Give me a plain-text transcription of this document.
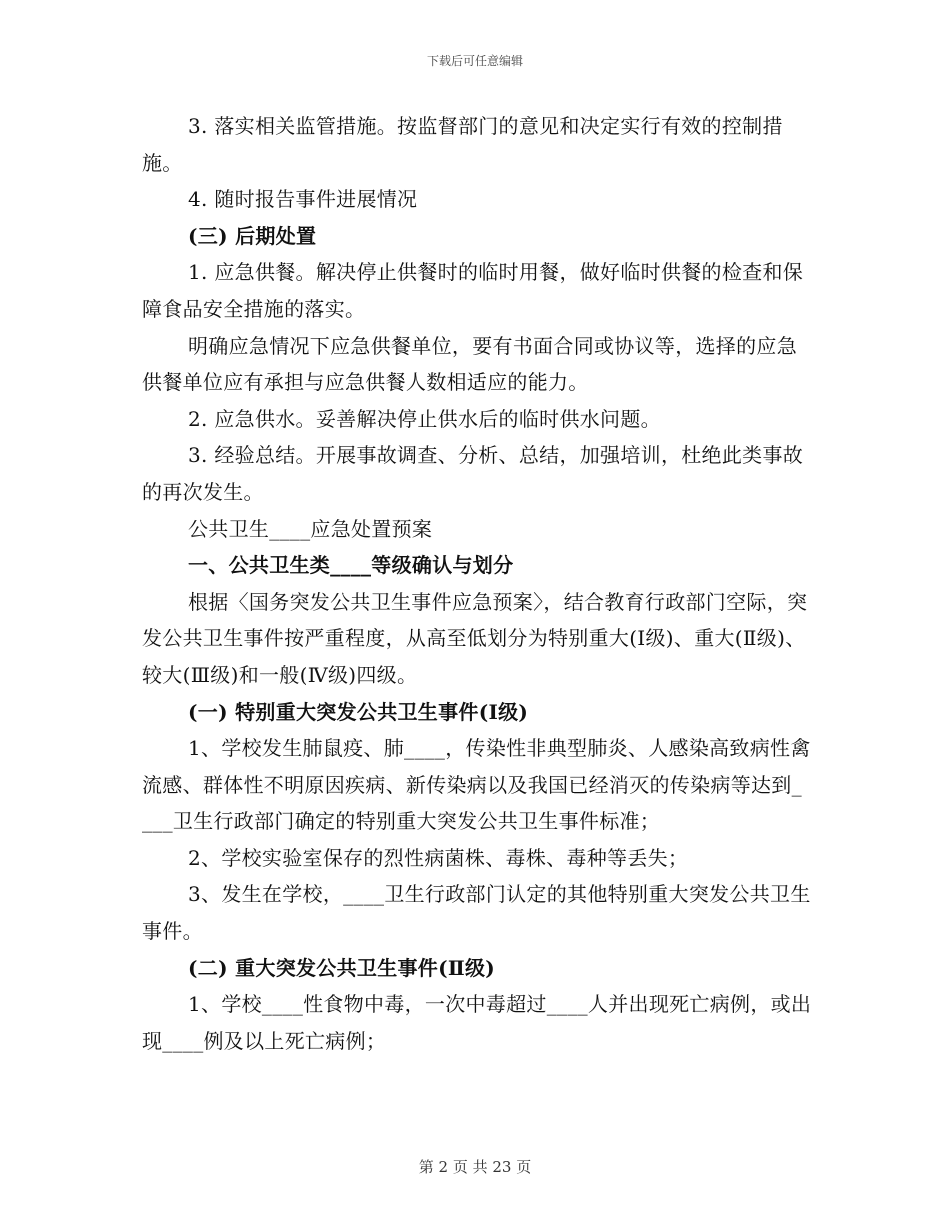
下载后可任意编辑

3. 落实相关监管措施。按监督部门的意见和决定实行有效的控制措施。

4. 随时报告事件进展情况

(三) 后期处置

1. 应急供餐。解决停止供餐时的临时用餐，做好临时供餐的检查和保障食品安全措施的落实。

明确应急情况下应急供餐单位，要有书面合同或协议等，选择的应急供餐单位应有承担与应急供餐人数相适应的能力。

2. 应急供水。妥善解决停止供水后的临时供水问题。

3. 经验总结。开展事故调查、分析、总结，加强培训，杜绝此类事故的再次发生。

公共卫生____应急处置预案

一、公共卫生类____等级确认与划分

根据〈国务突发公共卫生事件应急预案〉，结合教育行政部门空际，突发公共卫生事件按严重程度，从高至低划分为特别重大(Ⅰ级)、重大(Ⅱ级)、较大(Ⅲ级)和一般(Ⅳ级)四级。

(一) 特别重大突发公共卫生事件(Ⅰ级)

1、学校发生肺鼠疫、肺____，传染性非典型肺炎、人感染高致病性禽流感、群体性不明原因疾病、新传染病以及我国已经消灭的传染病等达到____卫生行政部门确定的特别重大突发公共卫生事件标准；

2、学校实验室保存的烈性病菌株、毒株、毒种等丢失；

3、发生在学校，____卫生行政部门认定的其他特别重大突发公共卫生事件。

(二) 重大突发公共卫生事件(Ⅱ级)

1、学校____性食物中毒，一次中毒超过____人并出现死亡病例，或出现____例及以上死亡病例；

第 2 页 共 23 页
